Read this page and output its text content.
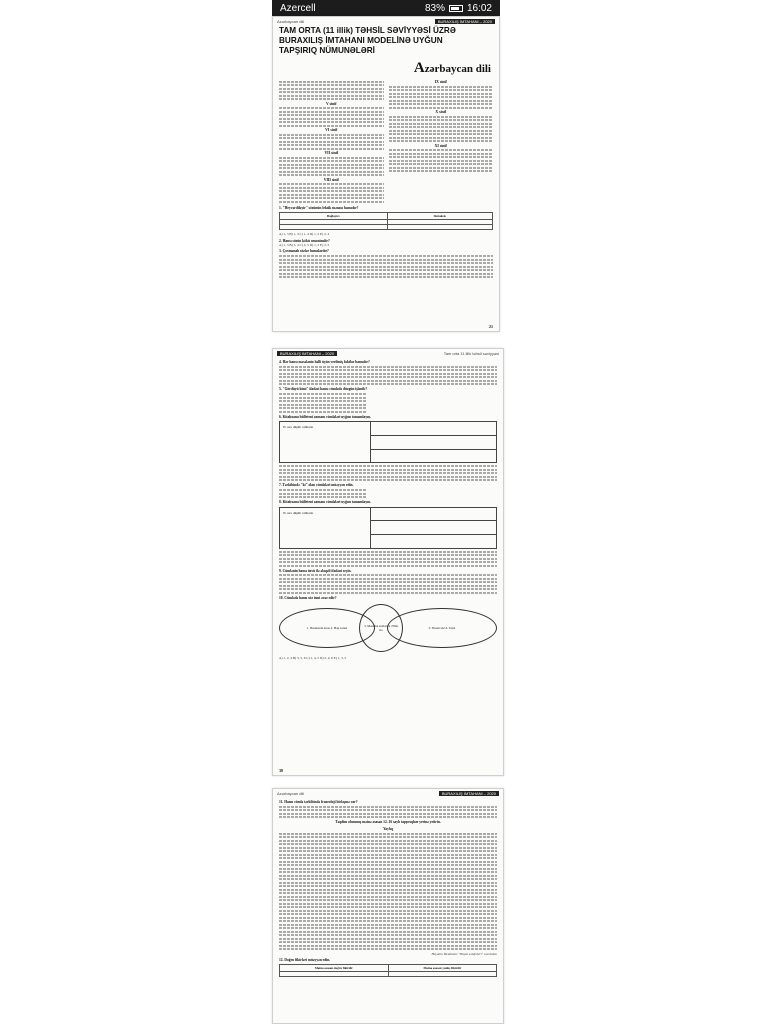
Azercell	83% 16:02
Azərbaycan dili	BURAXILIŞ İMTAHANI – 2020
TAM ORTA (11 illik) TƏHSİL SƏVİYYƏSİ ÜZRƏ
BURAXILIŞ İMTAHANI MODELİNƏ UYĞUN
TAPŞIRIQ NÜMUNƏLƏRİ
Azərbaycan dili
V sinif
VI sinif
VII sinif
VIII sinif
IX sinif
X sinif
XI sinif
1. "Heyvərdiləyir" sözünün leksik mənası hansıdır?
Bağlayıcı	Sintaksis

A) 1, 3 B) 1, 4 C) 1, 4 D) 1, 2 E) 2, 4
2. Hansı sözün kökü omonimdir?
A) 1, 3 B) 3, 4 C) 4, 5 D) 1, 2 E) 2, 5
3. Çoxmənalı sözlər hansılardır?
21
BURAXILIŞ İMTAHANI – 2020	Tam orta 11 illik təhsil səviyyəsi
4. Hər hansı məsələnin həlli üçün verilmiş faktlar hansıdır?
5. "Gördüyü kimi" ifadəsi hansı cümlədə düzgün işlənib?
6. Kitabxana bülleteni zamanı cümlələri uyğun tamamlayın.
Ə. sıra düşüb cəbhədə
7. Tərkibində "ki" olan cümlələri müəyyən edin.
8. Kitabxana bülleteni zamanı cümlələri uyğun tamamlayın.
Ə. sıra düşüb cəbhədə
9. Cümlənin hansı üzvü ilə əlaqəli ifadəni seçin.
10. Cümlədə hansı söz ismi əvəz edir?
1. Əsasbərdə arası 2. Haq sərəsi	3. Məzahət sözləri 4. Əlilə ilə	5. Əsaslı söz 6. Tarix
A) 1, 2, 4 B) 3, 5, 6 C) 1, 4, 5 D) 2, 4, 6 E) 1, 3, 5
38
Azərbaycan dili	BURAXILIŞ İMTAHANI – 2020
11. Hansı cümlə tərkibində frazeoloji birləşmə var?
Təqdim olunmuş mətnə əsasən 12–16 saylı tapşırıqları yerinə yetirin.
Yaylıq
Həyətim İbrahimov "Həyat səhifələri" əsərindən
12. Doğru fikirləri müəyyən edin.
Mətnə əsasən doğru fikirdir	Mətnə əsasən yanlış fikirdir
